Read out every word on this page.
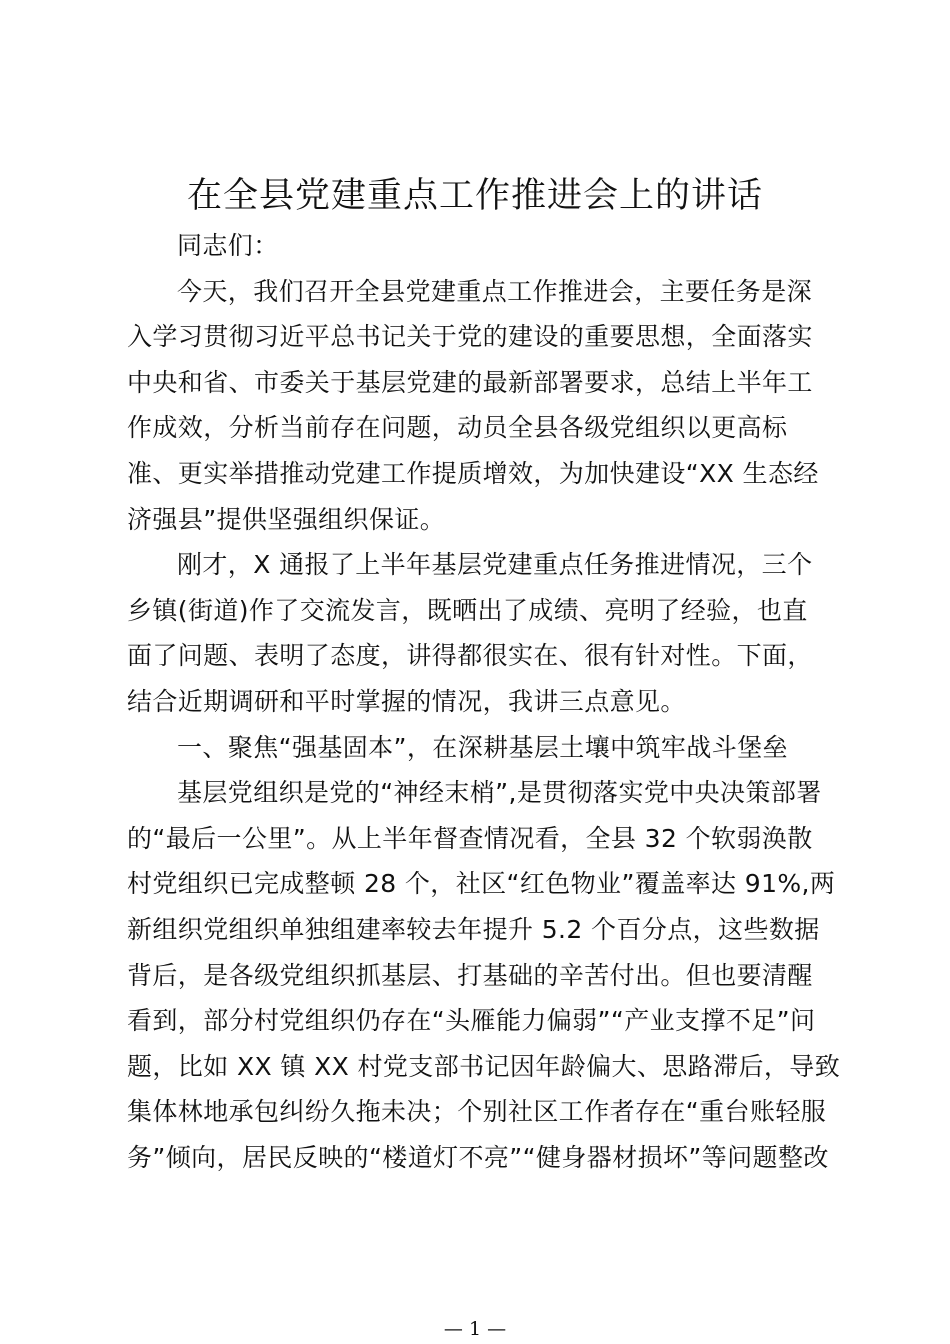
在全县党建重点工作推进会上的讲话
同志们：
今天，我们召开全县党建重点工作推进会，主要任务是深
入学习贯彻习近平总书记关于党的建设的重要思想，全面落实
中央和省、市委关于基层党建的最新部署要求，总结上半年工
作成效，分析当前存在问题，动员全县各级党组织以更高标
准、更实举措推动党建工作提质增效，为加快建设“XX 生态经
济强县”提供坚强组织保证。
刚才，X 通报了上半年基层党建重点任务推进情况，三个
乡镇(街道)作了交流发言，既晒出了成绩、亮明了经验，也直
面了问题、表明了态度，讲得都很实在、很有针对性。下面，
结合近期调研和平时掌握的情况，我讲三点意见。
一、聚焦“强基固本”，在深耕基层土壤中筑牢战斗堡垒
基层党组织是党的“神经末梢”,是贯彻落实党中央决策部署
的“最后一公里”。从上半年督查情况看，全县 32 个软弱涣散
村党组织已完成整顿 28 个，社区“红色物业”覆盖率达 91%,两
新组织党组织单独组建率较去年提升 5.2 个百分点，这些数据
背后，是各级党组织抓基层、打基础的辛苦付出。但也要清醒
看到，部分村党组织仍存在“头雁能力偏弱”“产业支撑不足”问
题，比如 XX 镇 XX 村党支部书记因年龄偏大、思路滞后，导致
集体林地承包纠纷久拖未决；个别社区工作者存在“重台账轻服
务”倾向，居民反映的“楼道灯不亮”“健身器材损坏”等问题整改
— 1 —
